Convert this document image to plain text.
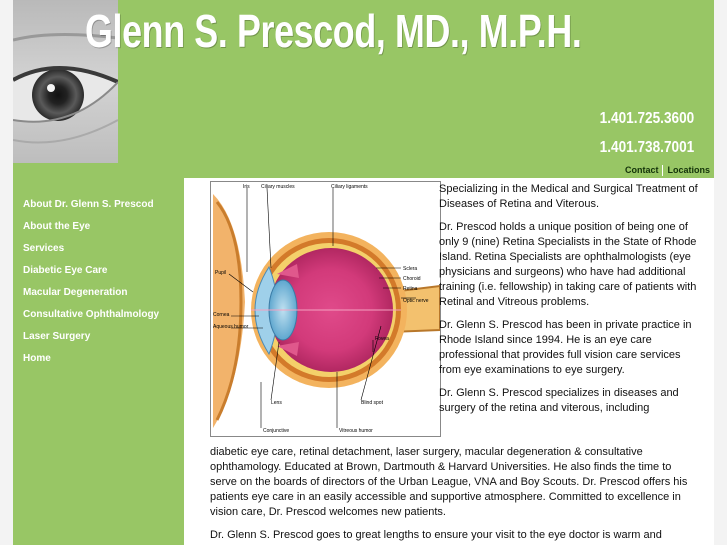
Glenn S. Prescod, MD., M.P.H.
1.401.725.3600
1.401.738.7001
Contact	Locations
About Dr. Glenn S. Prescod
About the Eye
Services
Diabetic Eye Care
Macular Degeneration
Consultative Ophthalmology
Laser Surgery
Home
Iris Ciliary muscles	Ciliary ligaments
Pupil
Sclera
Choroid
Retina
Optic nerve
Cornea
Aqueous humor
Fovea
Lens	Blind spot
Conjunctive	Vitreous humor

Specializing in the Medical and Surgical Treatment of Diseases of Retina and Viterous.

Dr. Prescod holds a unique position of being one of only 9 (nine) Retina Specialists in the State of Rhode Island. Retina Specialists are ophthalmologists (eye physicians and surgeons) who have had additional training (i.e. fellowship) in taking care of patients with Retinal and Vitreous problems.

Dr. Glenn S. Prescod has been in private practice in Rhode Island since 1994. He is an eye care professional that provides full vision care services from eye examinations to eye surgery.

Dr. Glenn S. Prescod specializes in diseases and surgery of the retina and viterous, including

diabetic eye care, retinal detachment, laser surgery, macular degeneration & consultative ophthamology. Educated at Brown, Dartmouth & Harvard Universities. He also finds the time to serve on the boards of directors of the Urban League, VNA and Boy Scouts. Dr. Prescod offers his patients eye care in an easily accessible and supportive atmosphere. Committed to excellence in vision care, Dr. Prescod welcomes new patients.

Dr. Glenn S. Prescod goes to great lengths to ensure your visit to the eye doctor is warm and
